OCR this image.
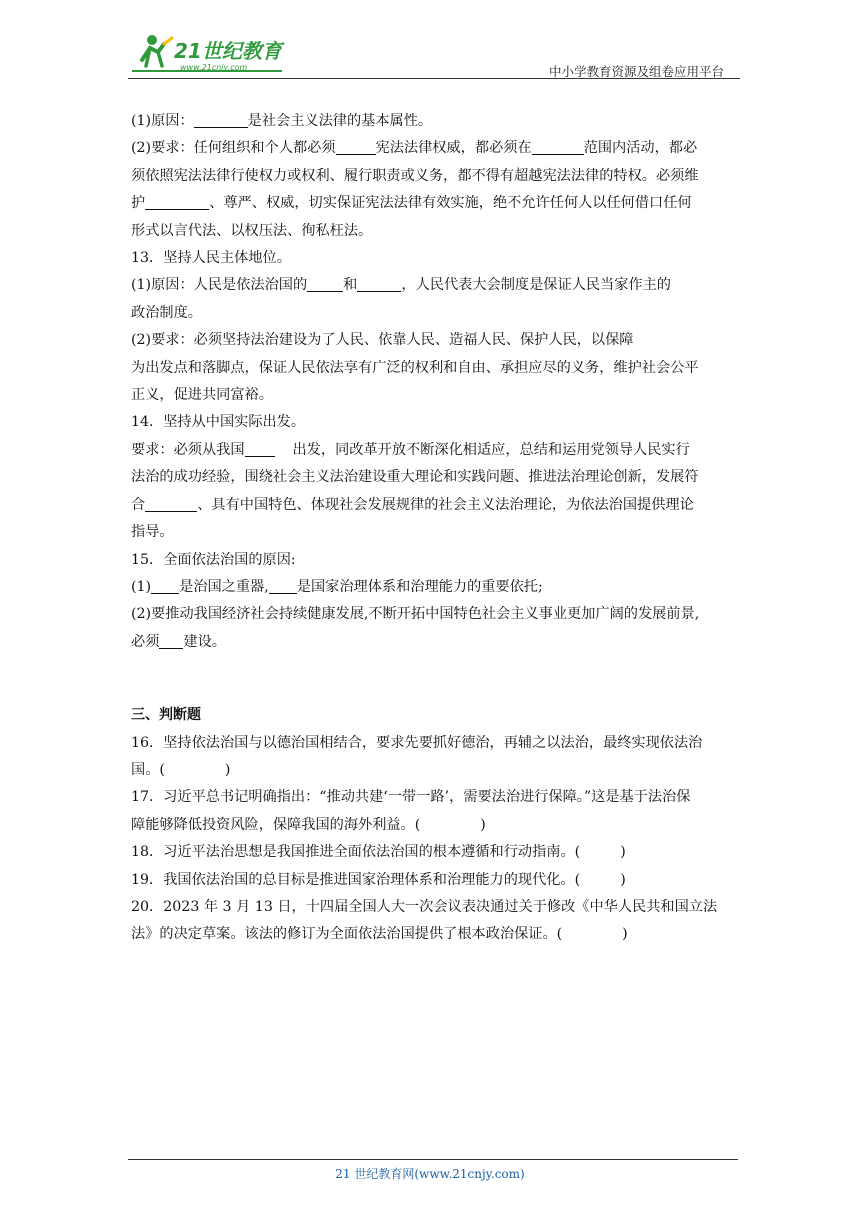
21世纪教育
www.21cnjy.com	中小学教育资源及组卷应用平台
(1)原因：	是社会主义法律的基本属性。
(2)要求：任何组织和个人都必须	宪法法律权威，都必须在	范围内活动，都必
须依照宪法法律行使权力或权利、履行职责或义务，都不得有超越宪法法律的特权。必须维
护	、尊严、权威，切实保证宪法法律有效实施，绝不允许任何人以任何借口任何
形式以言代法、以权压法、徇私枉法。
13．坚持人民主体地位。
(1)原因：人民是依法治国的	和	，人民代表大会制度是保证人民当家作主的
政治制度。
(2)要求：必须坚持法治建设为了人民、依靠人民、造福人民、保护人民，以保障
为出发点和落脚点，保证人民依法享有广泛的权利和自由、承担应尽的义务，维护社会公平
正义，促进共同富裕。
14．坚持从中国实际出发。
要求：必须从我国	出发，同改革开放不断深化相适应，总结和运用党领导人民实行
法治的成功经验，围绕社会主义法治建设重大理论和实践问题、推进法治理论创新，发展符
合	、具有中国特色、体现社会发展规律的社会主义法治理论，为依法治国提供理论
指导。
15．全面依法治国的原因:
(1) 是治国之重器, 是国家治理体系和治理能力的重要依托;
(2)要推动我国经济社会持续健康发展,不断开拓中国特色社会主义事业更加广阔的发展前景,
必须 建设。
三、判断题
16．坚持依法治国与以德治国相结合，要求先要抓好德治，再辅之以法治，最终实现依法治
国。(	)
17．习近平总书记明确指出：“推动共建‘一带一路’，需要法治进行保障。”这是基于法治保
障能够降低投资风险，保障我国的海外利益。(	)
18．习近平法治思想是我国推进全面依法治国的根本遵循和行动指南。(	)
19．我国依法治国的总目标是推进国家治理体系和治理能力的现代化。(	)
20．2023 年 3 月 13 日，十四届全国人大一次会议表决通过关于修改《中华人民共和国立法
法》的决定草案。该法的修订为全面依法治国提供了根本政治保证。(	)
21 世纪教育网(www.21cnjy.com)
